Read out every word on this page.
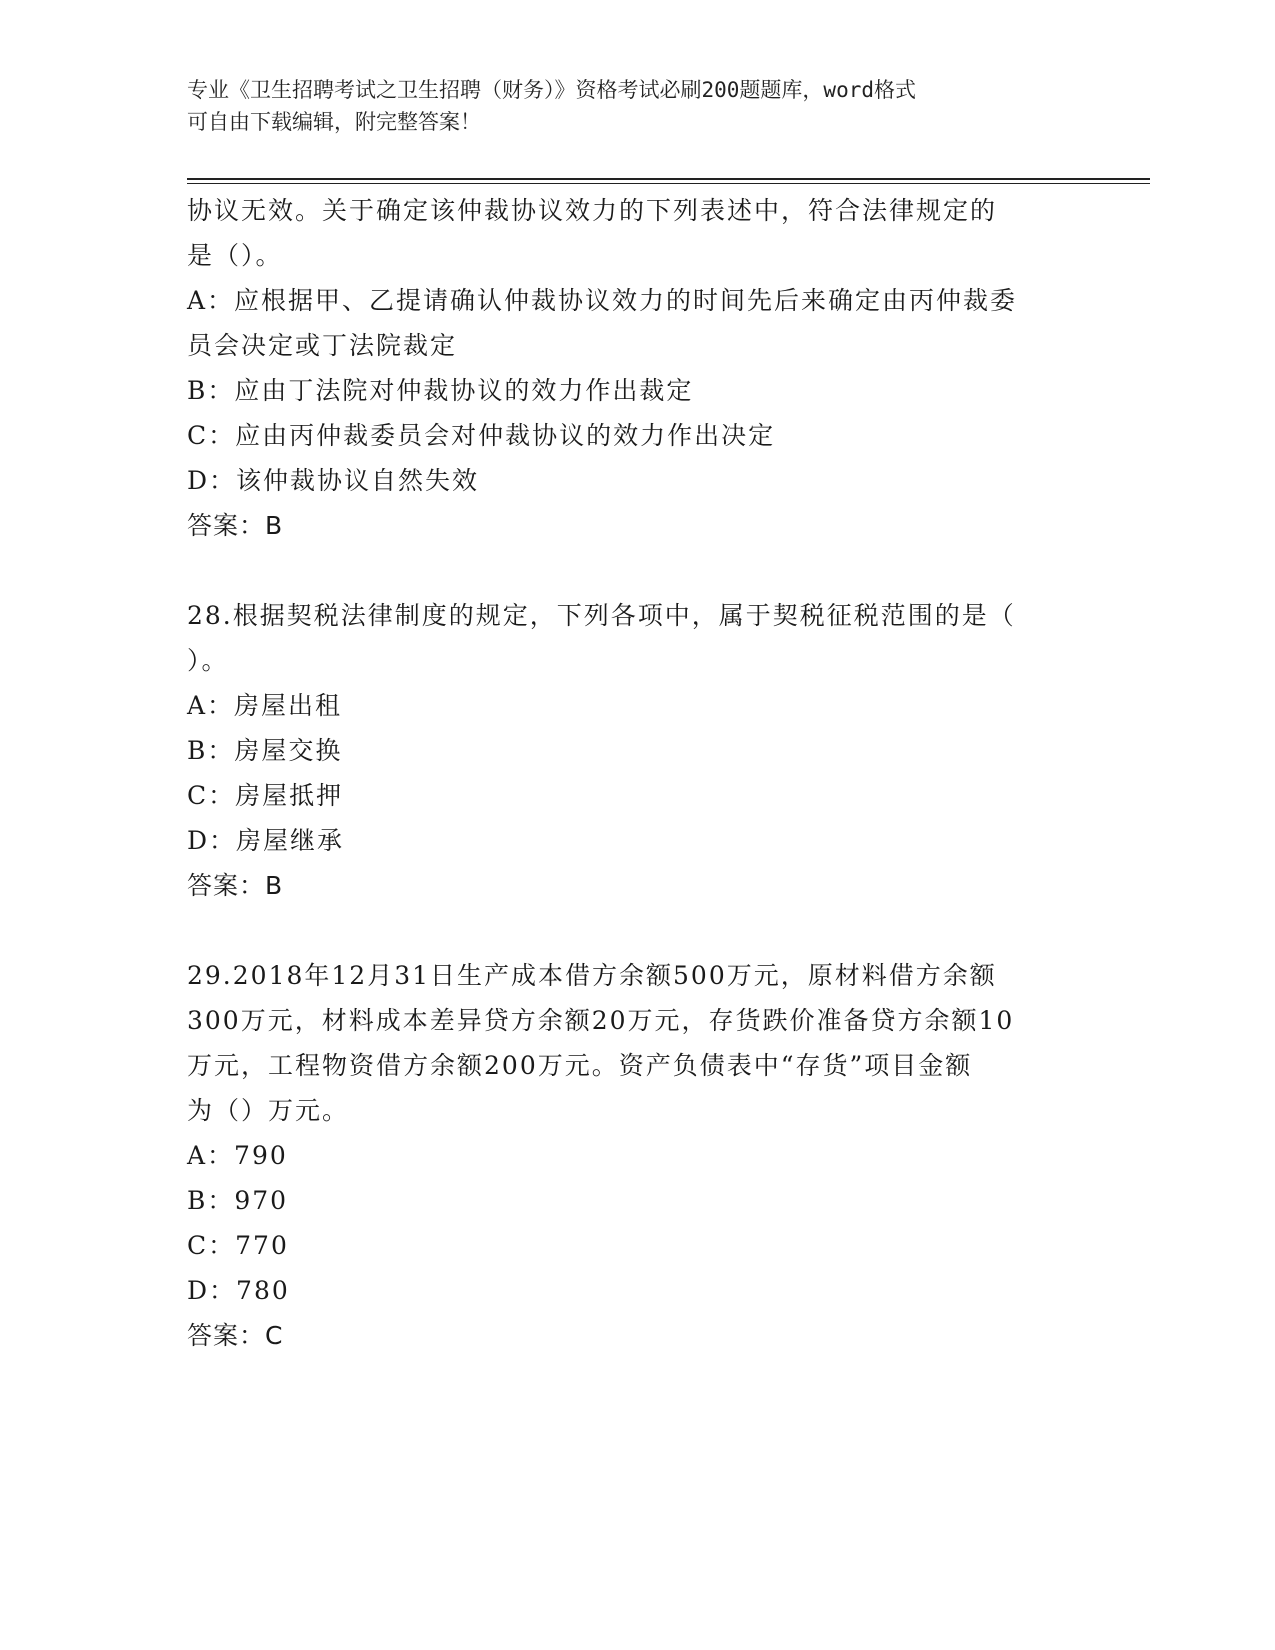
专业《卫生招聘考试之卫生招聘（财务）》资格考试必刷200题题库，word格式

可自由下载编辑，附完整答案！

协议无效。关于确定该仲裁协议效力的下列表述中，符合法律规定的

是（）。

A：应根据甲、乙提请确认仲裁协议效力的时间先后来确定由丙仲裁委

员会决定或丁法院裁定

B：应由丁法院对仲裁协议的效力作出裁定

C：应由丙仲裁委员会对仲裁协议的效力作出决定

D：该仲裁协议自然失效

答案：B

28.根据契税法律制度的规定，下列各项中，属于契税征税范围的是（

）。

A：房屋出租

B：房屋交换

C：房屋抵押

D：房屋继承

答案：B

29.2018年12月31日生产成本借方余额500万元，原材料借方余额

300万元，材料成本差异贷方余额20万元，存货跌价准备贷方余额10

万元，工程物资借方余额200万元。资产负债表中“存货”项目金额

为（）万元。

A：790

B：970

C：770

D：780

答案：C
